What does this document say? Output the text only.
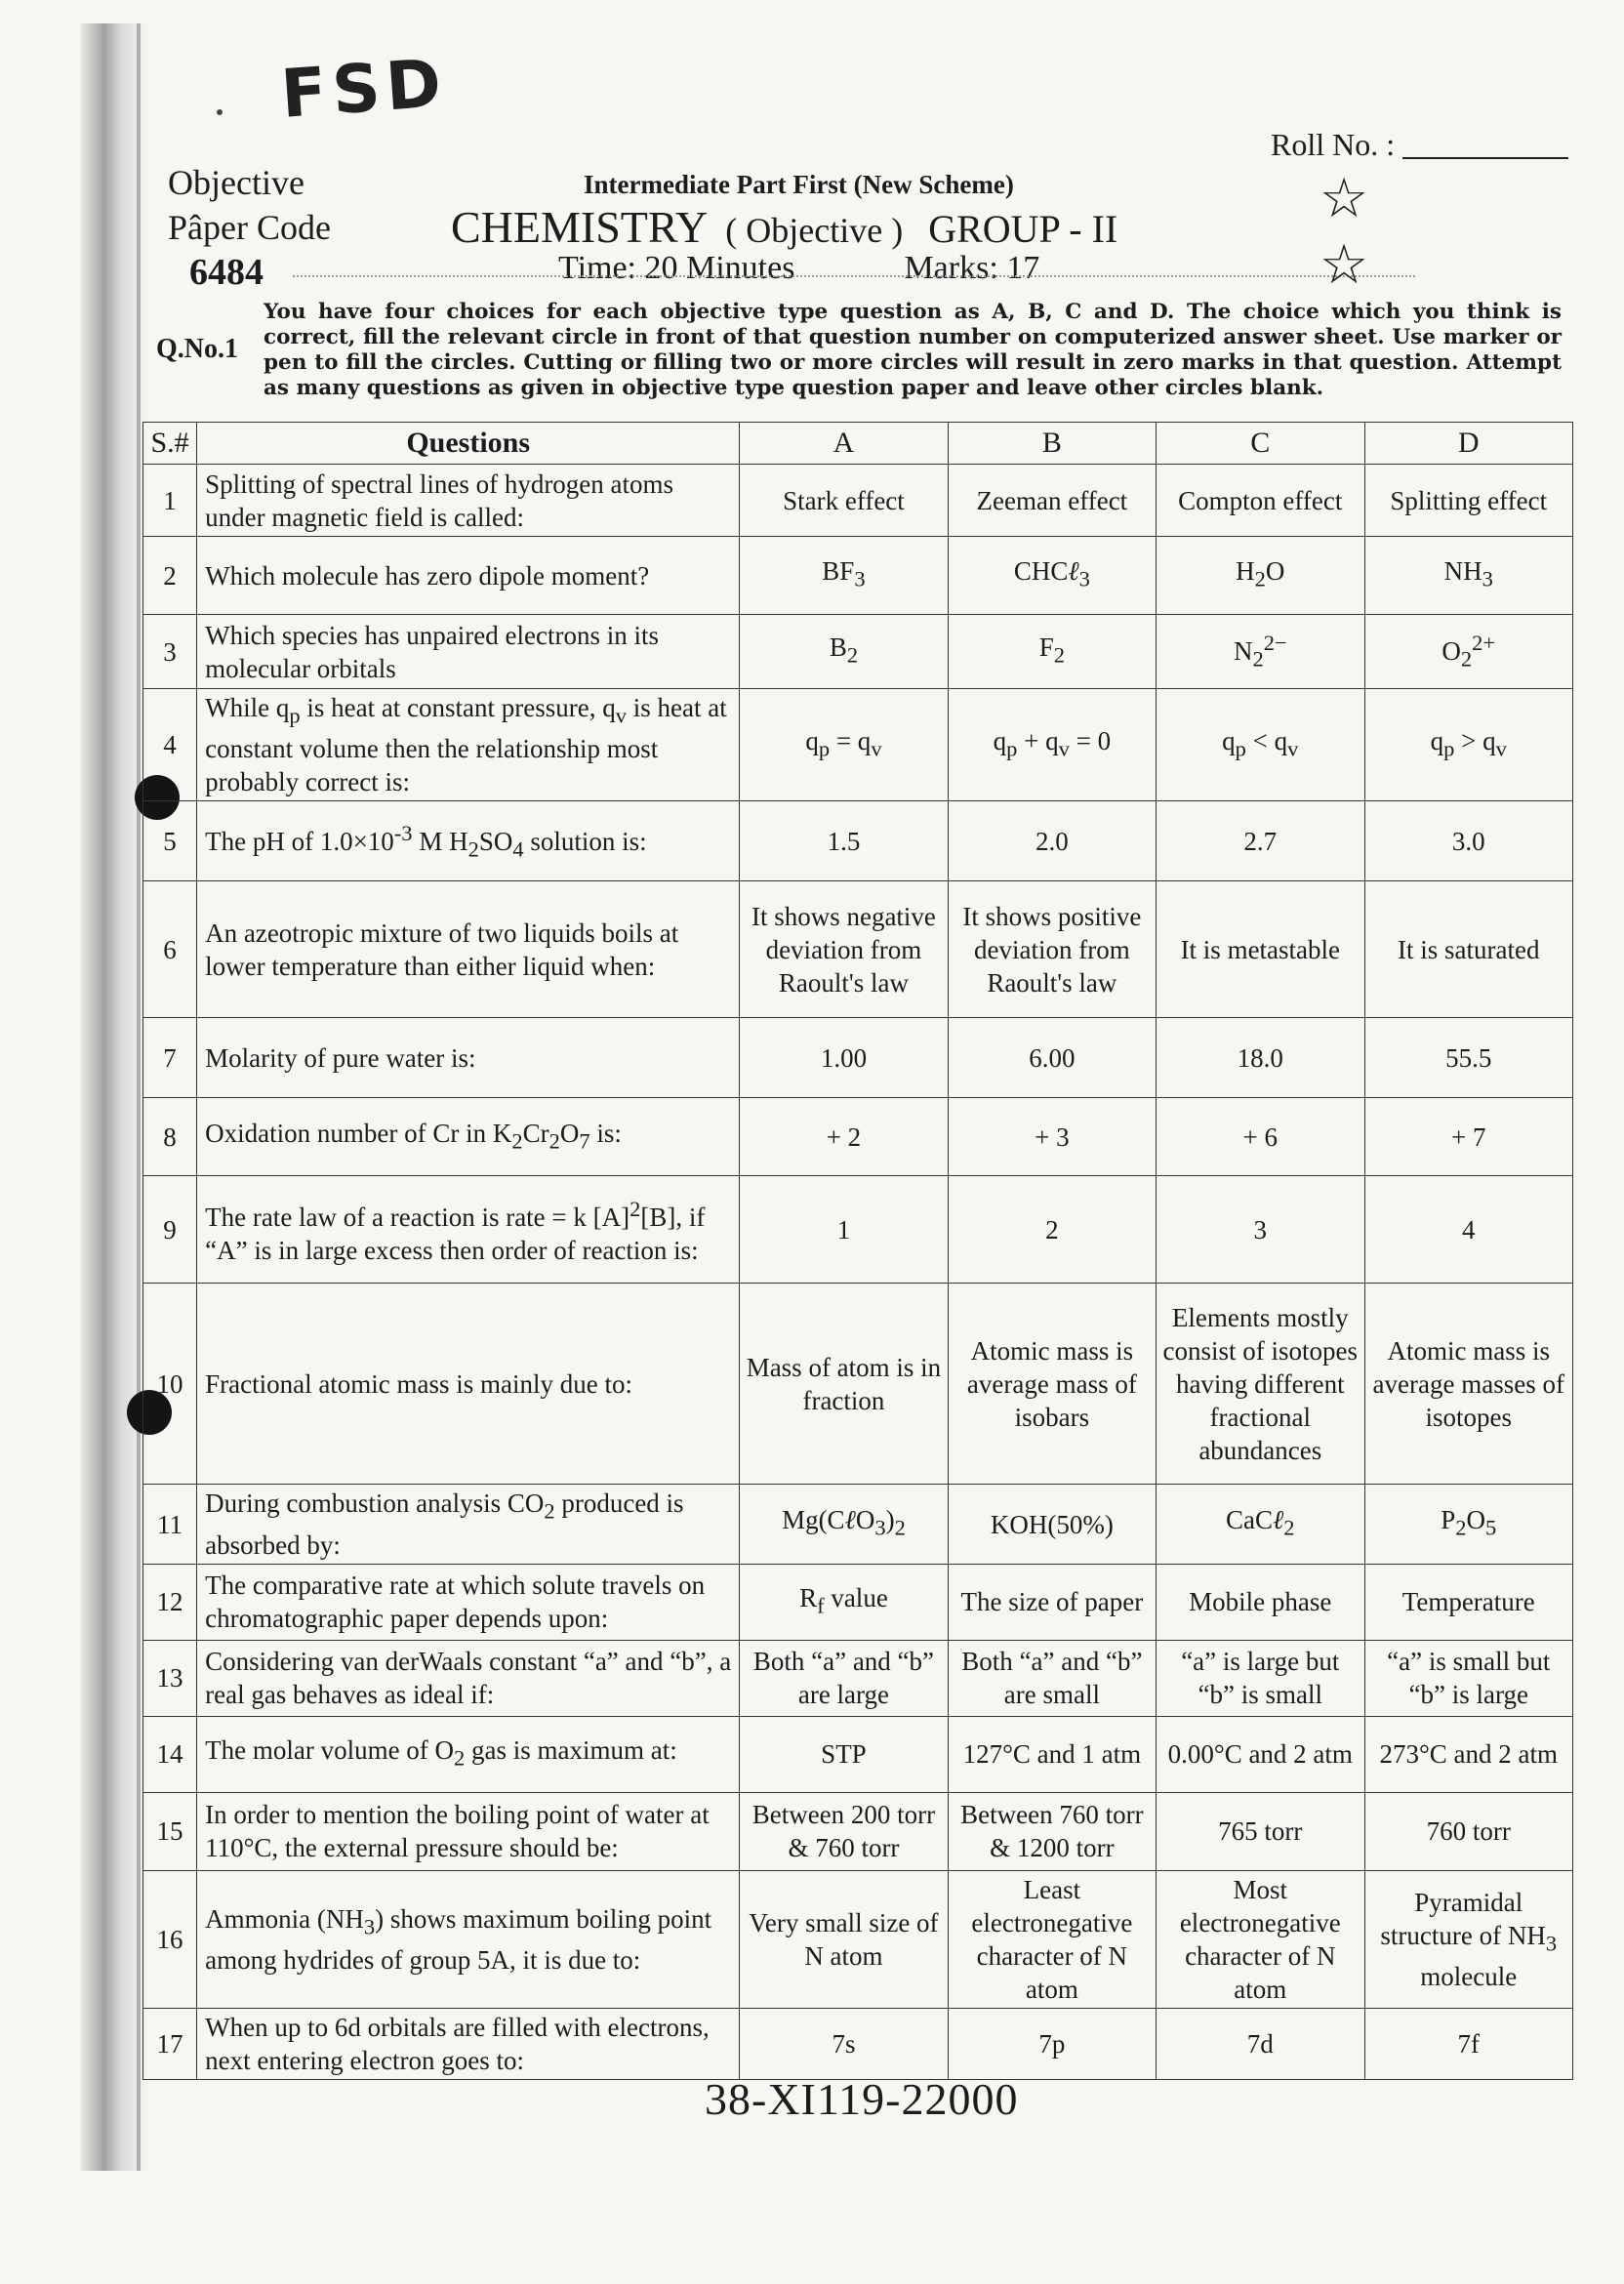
FSD
Roll No. :
Objective
Pâper Code
6484
Intermediate Part First (New Scheme)
CHEMISTRY ( Objective ) GROUP - II
Time: 20 Minutes	Marks: 17
☆
☆
Q.No.1
You have four choices for each objective type question as A, B, C and D. The choice which you think is correct, fill the relevant circle in front of that question number on computerized answer sheet. Use marker or pen to fill the circles. Cutting or filling two or more circles will result in zero marks in that question. Attempt as many questions as given in objective type question paper and leave other circles blank.
S.#	Questions	A	B	C	D
1	Splitting of spectral lines of hydrogen atoms under magnetic field is called:	Stark effect	Zeeman effect	Compton effect	Splitting effect
2	Which molecule has zero dipole moment?	$BF_3$	CHCℓ$_3$	$H_2O$	$NH_3$
3	Which species has unpaired electrons in its molecular orbitals	$B_2$	$F_2$	$N_2^{2-}$	$O_2^{2+}$
4	While $q_p$ is heat at constant pressure, $q_v$ is heat at constant volume then the relationship most probably correct is:	$q_p = q_v$	$q_p + q_v = 0$	$q_p < q_v$	$q_p > q_v$
5	The pH of $1.0\times 10^{-3}$ M $H_2SO_4$ solution is:	1.5	2.0	2.7	3.0
6	An azeotropic mixture of two liquids boils at lower temperature than either liquid when:	It shows negative deviation from Raoult's law	It shows positive deviation from Raoult's law	It is metastable	It is saturated
7	Molarity of pure water is:	1.00	6.00	18.0	55.5
8	Oxidation number of Cr in $K_2Cr_2O_7$ is:	+ 2	+ 3	+ 6	+ 7
9	The rate law of a reaction is rate = k $[A]^2[B]$, if “A” is in large excess then order of reaction is:	1	2	3	4
10	Fractional atomic mass is mainly due to:	Mass of atom is in fraction	Atomic mass is average mass of isobars	Elements mostly consist of isotopes having different fractional abundances	Atomic mass is average masses of isotopes
11	During combustion analysis $CO_2$ produced is absorbed by:	$Mg(C\ell O_3)_2$	KOH(50%)	CaCℓ$_2$	$P_2O_5$
12	The comparative rate at which solute travels on chromatographic paper depends upon:	$R_f$ value	The size of paper	Mobile phase	Temperature
13	Considering van derWaals constant “a” and “b”, a real gas behaves as ideal if:	Both “a” and “b” are large	Both “a” and “b” are small	“a” is large but “b” is small	“a” is small but “b” is large
14	The molar volume of $O_2$ gas is maximum at:	STP	127°C and 1 atm	0.00°C and 2 atm	273°C and 2 atm
15	In order to mention the boiling point of water at 110°C, the external pressure should be:	Between 200 torr & 760 torr	Between 760 torr & 1200 torr	765 torr	760 torr
16	Ammonia $(NH_3)$ shows maximum boiling point among hydrides of group 5A, it is due to:	Very small size of N atom	Least electronegative character of N atom	Most electronegative character of N atom	Pyramidal structure of $NH_3$ molecule
17	When up to 6d orbitals are filled with electrons, next entering electron goes to:	7s	7p	7d	7f
38-XI119-22000
